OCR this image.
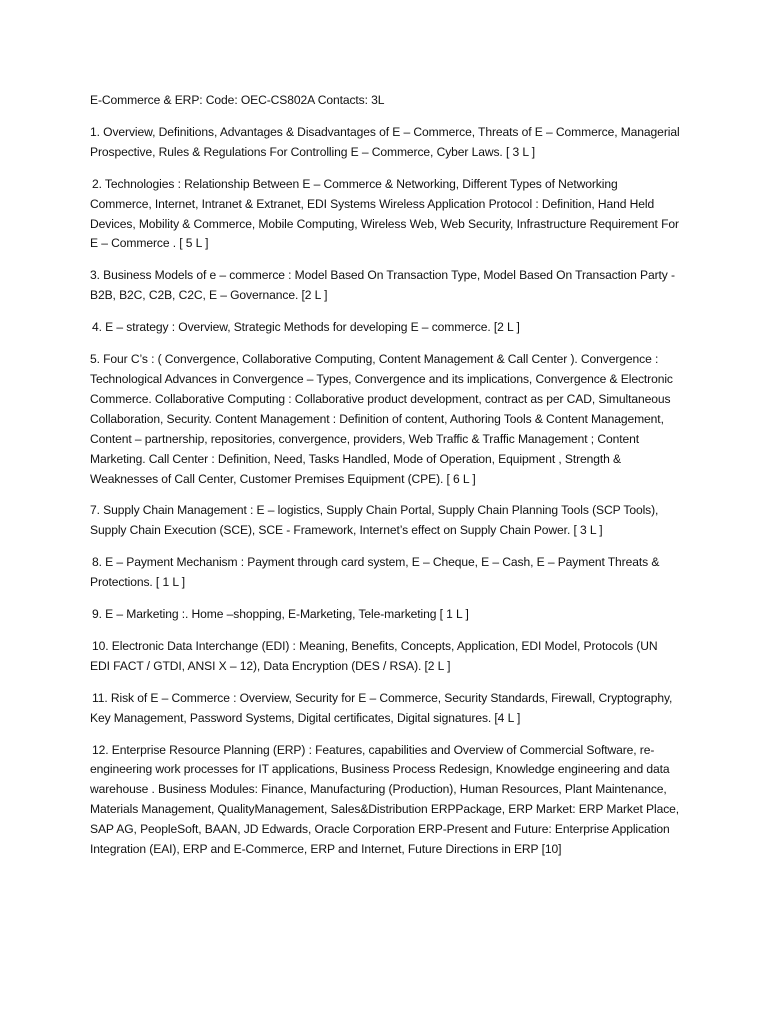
E-Commerce & ERP: Code: OEC-CS802A Contacts: 3L

1. Overview, Definitions, Advantages & Disadvantages of E – Commerce, Threats of E – Commerce, Managerial Prospective, Rules & Regulations For Controlling E – Commerce, Cyber Laws. [ 3 L ]

2. Technologies : Relationship Between E – Commerce & Networking, Different Types of Networking Commerce, Internet, Intranet & Extranet, EDI Systems Wireless Application Protocol : Definition, Hand Held Devices, Mobility & Commerce, Mobile Computing, Wireless Web, Web Security, Infrastructure Requirement For E – Commerce . [ 5 L ]

3. Business Models of e – commerce : Model Based On Transaction Type, Model Based On Transaction Party - B2B, B2C, C2B, C2C, E – Governance. [2 L ]

4. E – strategy : Overview, Strategic Methods for developing E – commerce. [2 L ]

5. Four C’s : ( Convergence, Collaborative Computing, Content Management & Call Center ). Convergence : Technological Advances in Convergence – Types, Convergence and its implications, Convergence & Electronic Commerce. Collaborative Computing : Collaborative product development, contract as per CAD, Simultaneous Collaboration, Security. Content Management : Definition of content, Authoring Tools & Content Management, Content – partnership, repositories, convergence, providers, Web Traffic & Traffic Management ; Content Marketing. Call Center : Definition, Need, Tasks Handled, Mode of Operation, Equipment , Strength & Weaknesses of Call Center, Customer Premises Equipment (CPE). [ 6 L ]

7. Supply Chain Management : E – logistics, Supply Chain Portal, Supply Chain Planning Tools (SCP Tools), Supply Chain Execution (SCE), SCE - Framework, Internet’s effect on Supply Chain Power. [ 3 L ]

8. E – Payment Mechanism : Payment through card system, E – Cheque, E – Cash, E – Payment Threats & Protections. [ 1 L ]

9. E – Marketing :. Home –shopping, E-Marketing, Tele-marketing [ 1 L ]

10. Electronic Data Interchange (EDI) : Meaning, Benefits, Concepts, Application, EDI Model, Protocols (UN EDI FACT / GTDI, ANSI X – 12), Data Encryption (DES / RSA). [2 L ]

11. Risk of E – Commerce : Overview, Security for E – Commerce, Security Standards, Firewall, Cryptography, Key Management, Password Systems, Digital certificates, Digital signatures. [4 L ]

12. Enterprise Resource Planning (ERP) : Features, capabilities and Overview of Commercial Software, re-engineering work processes for IT applications, Business Process Redesign, Knowledge engineering and data warehouse . Business Modules: Finance, Manufacturing (Production), Human Resources, Plant Maintenance, Materials Management, QualityManagement, Sales&Distribution ERPPackage, ERP Market: ERP Market Place, SAP AG, PeopleSoft, BAAN, JD Edwards, Oracle Corporation ERP-Present and Future: Enterprise Application Integration (EAI), ERP and E-Commerce, ERP and Internet, Future Directions in ERP [10]
